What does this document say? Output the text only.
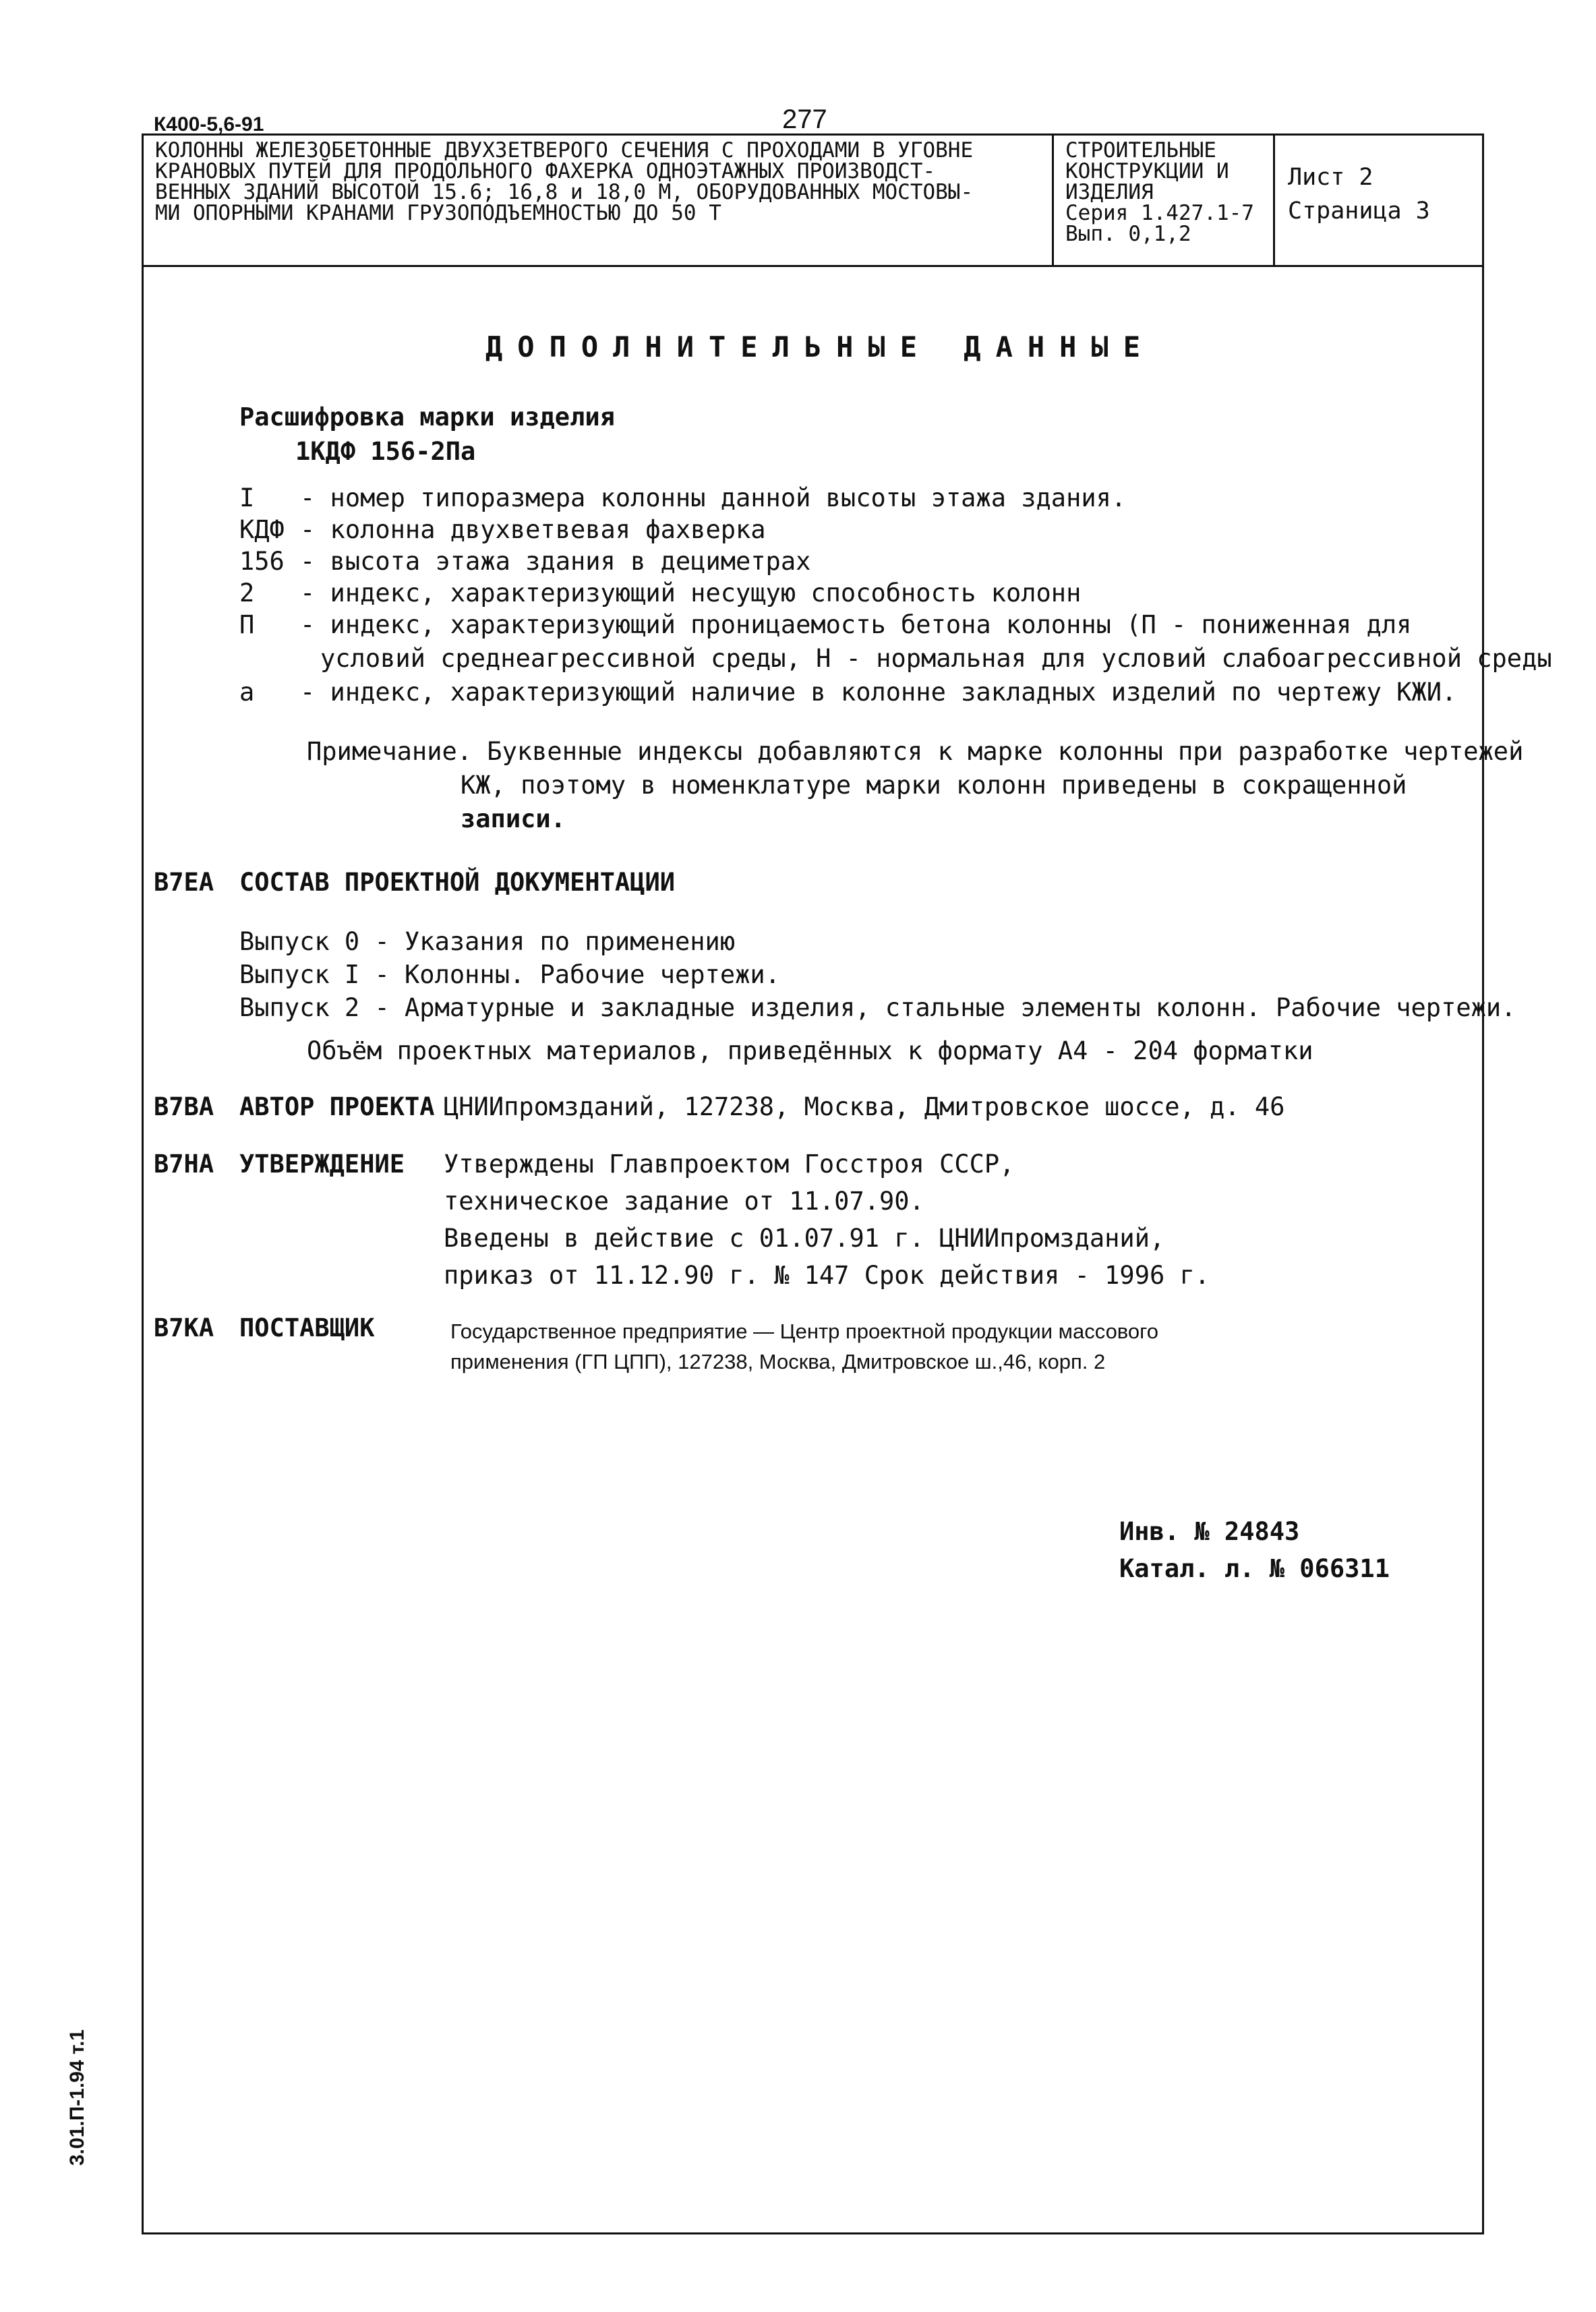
К400-5,6-91	277
КОЛОННЫ ЖЕЛЕЗОБЕТОННЫЕ ДВУХЗЕТВЕРОГО СЕЧЕНИЯ С ПРОХОДАМИ В УГОВНЕ
КРАНОВЫХ ПУТЕЙ ДЛЯ ПРОДОЛЬНОГО ФАХЕРКА ОДНОЭТАЖНЫХ ПРОИЗВОДСТ-
ВЕННЫХ ЗДАНИЙ ВЫСОТОЙ 15.6; 16,8 и 18,0 М, ОБОРУДОВАННЫХ МОСТОВЫ-
МИ ОПОРНЫМИ КРАНАМИ ГРУЗОПОДЪЕМНОСТЬЮ ДО 50 Т
СТРОИТЕЛЬНЫЕ
КОНСТРУКЦИИ И
ИЗДЕЛИЯ
Серия 1.427.1-7
Вып. 0,1,2
Лист 2
Страница 3
ДОПОЛНИТЕЛЬНЫЕ ДАННЫЕ
Расшифровка марки изделия
1КДФ 156-2Па
I - номер типоразмера колонны данной высоты этажа здания.
КДФ - колонна двухветвевая фахверка
156 - высота этажа здания в дециметрах
2 - индекс, характеризующий несущую способность колонн
П - индекс, характеризующий проницаемость бетона колонны (П - пониженная для
условий среднеагрессивной среды, Н - нормальная для условий слабоагрессивной среды
а - индекс, характеризующий наличие в колонне закладных изделий по чертежу КЖИ.
Примечание. Буквенные индексы добавляются к марке колонны при разработке чертежей
КЖ, поэтому в номенклатуре марки колонн приведены в сокращенной
записи.
В7ЕА СОСТАВ ПРОЕКТНОЙ ДОКУМЕНТАЦИИ
Выпуск 0 - Указания по применению
Выпуск I - Колонны. Рабочие чертежи.
Выпуск 2 - Арматурные и закладные изделия, стальные элементы колонн. Рабочие чертежи.
Объём проектных материалов, приведённых к формату А4 - 204 форматки
В7ВА АВТОР ПРОЕКТА ЦНИИпромзданий, 127238, Москва, Дмитровское шоссе, д. 46
В7НА УТВЕРЖДЕНИЕ Утверждены Главпроектом Госстроя СССР,
техническое задание от 11.07.90.
Введены в действие с 01.07.91 г. ЦНИИпромзданий,
приказ от 11.12.90 г. № 147 Срок действия - 1996 г.
В7КА ПОСТАВЩИК	Государственное предприятие — Центр проектной продукции массового
применения (ГП ЦПП), 127238, Москва, Дмитровское ш.,46, корп. 2
Инв. № 24843
Катал. л. № 066311
3.01.П-1.94 т.1
